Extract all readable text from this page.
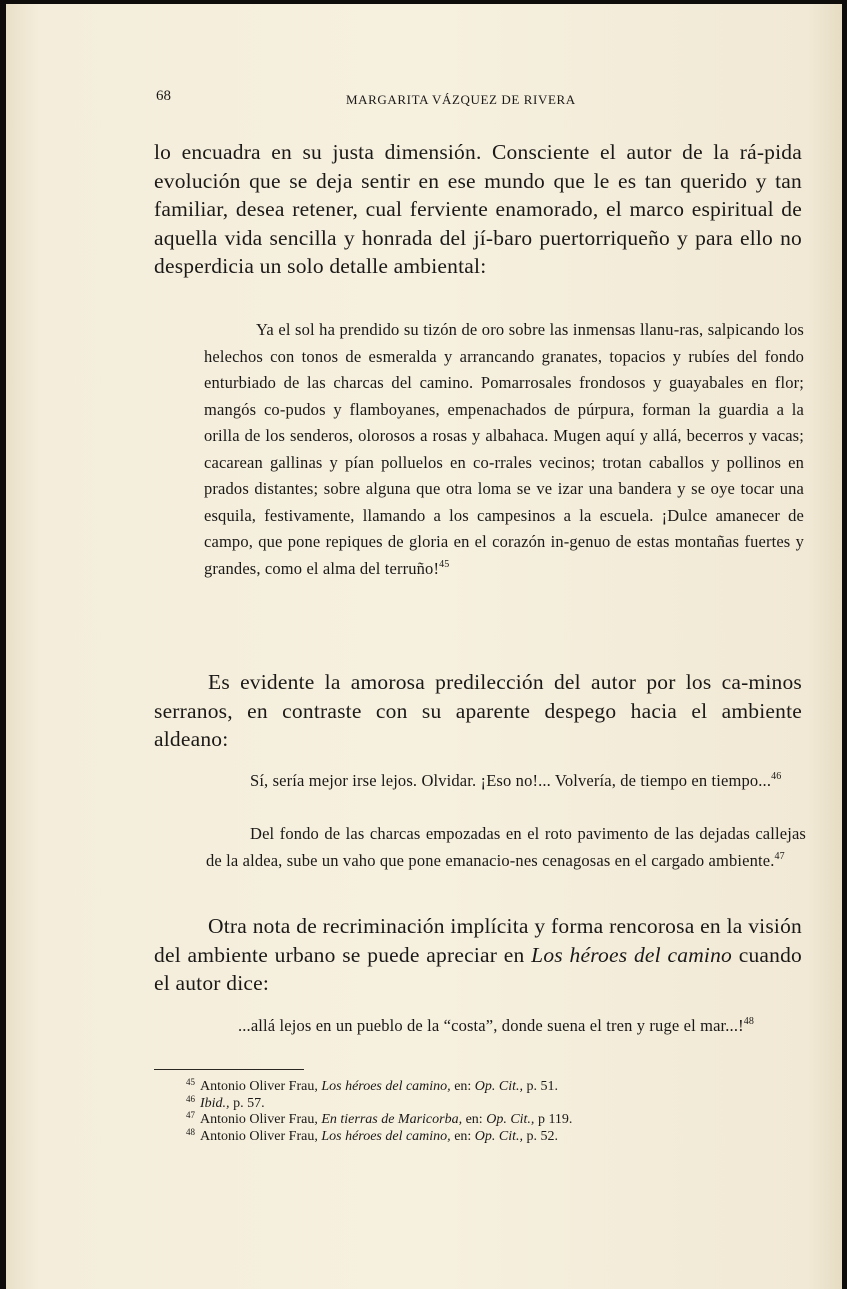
68	MARGARITA VÁZQUEZ DE RIVERA

lo encuadra en su justa dimensión. Consciente el autor de la rá-pida evolución que se deja sentir en ese mundo que le es tan querido y tan familiar, desea retener, cual ferviente enamorado, el marco espiritual de aquella vida sencilla y honrada del jí-baro puertorriqueño y para ello no desperdicia un solo detalle ambiental:

Ya el sol ha prendido su tizón de oro sobre las inmensas llanu-ras, salpicando los helechos con tonos de esmeralda y arrancando granates, topacios y rubíes del fondo enturbiado de las charcas del camino. Pomarrosales frondosos y guayabales en flor; mangós co-pudos y flamboyanes, empenachados de púrpura, forman la guardia a la orilla de los senderos, olorosos a rosas y albahaca. Mugen aquí y allá, becerros y vacas; cacarean gallinas y pían polluelos en co-rrales vecinos; trotan caballos y pollinos en prados distantes; sobre alguna que otra loma se ve izar una bandera y se oye tocar una esquila, festivamente, llamando a los campesinos a la escuela. ¡Dulce amanecer de campo, que pone repiques de gloria en el corazón in-genuo de estas montañas fuertes y grandes, como el alma del terruño!$^{45}$

Es evidente la amorosa predilección del autor por los ca-minos serranos, en contraste con su aparente despego hacia el ambiente aldeano:

Sí, sería mejor irse lejos. Olvidar. ¡Eso no!... Volvería, de tiempo en tiempo...$^{46}$

Del fondo de las charcas empozadas en el roto pavimento de las dejadas callejas de la aldea, sube un vaho que pone emanacio-nes cenagosas en el cargado ambiente.$^{47}$

Otra nota de recriminación implícita y forma rencorosa en la visión del ambiente urbano se puede apreciar en Los héroes del camino cuando el autor dice:

...allá lejos en un pueblo de la “costa”, donde suena el tren y ruge el mar...!$^{48}$

$^{45}$ Antonio Oliver Frau, Los héroes del camino, en: Op. Cit., p. 51.
$^{46}$ Ibid., p. 57.
$^{47}$ Antonio Oliver Frau, En tierras de Maricorba, en: Op. Cit., p 119.
$^{48}$ Antonio Oliver Frau, Los héroes del camino, en: Op. Cit., p. 52.
